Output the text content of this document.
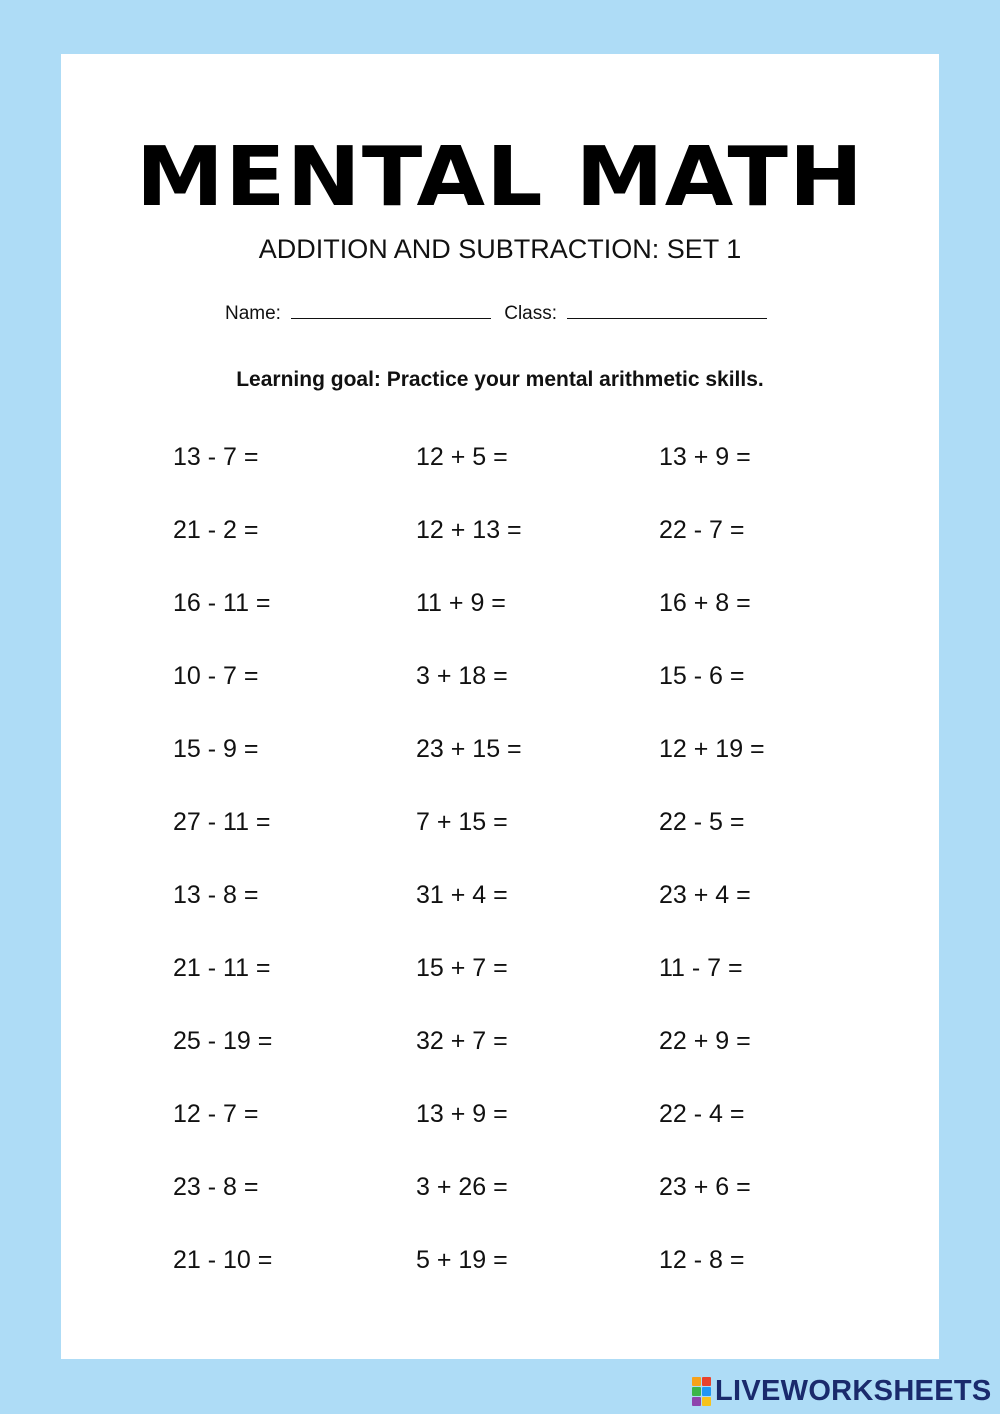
MENTAL MATH
ADDITION AND SUBTRACTION: SET 1
Name:	Class:
Learning goal: Practice your mental arithmetic skills.
13 - 7 =	12 + 5 =	13 + 9 =
21 - 2 =	12 + 13 =	22 - 7 =
16 - 11 =	11 + 9 =	16 + 8 =
10 - 7 =	3 + 18 =	15 - 6 =
15 - 9 =	23 + 15 =	12 + 19 =
27 - 11 =	7 + 15 =	22 - 5 =
13 - 8 =	31 + 4 =	23 + 4 =
21 - 11 =	15 + 7 =	11 - 7 =
25 - 19 =	32 + 7 =	22 + 9 =
12 - 7 =	13 + 9 =	22 - 4 =
23 - 8 =	3 + 26 =	23 + 6 =
21 - 10 =	5 + 19 =	12 - 8 =
LIVEWORKSHEETS
